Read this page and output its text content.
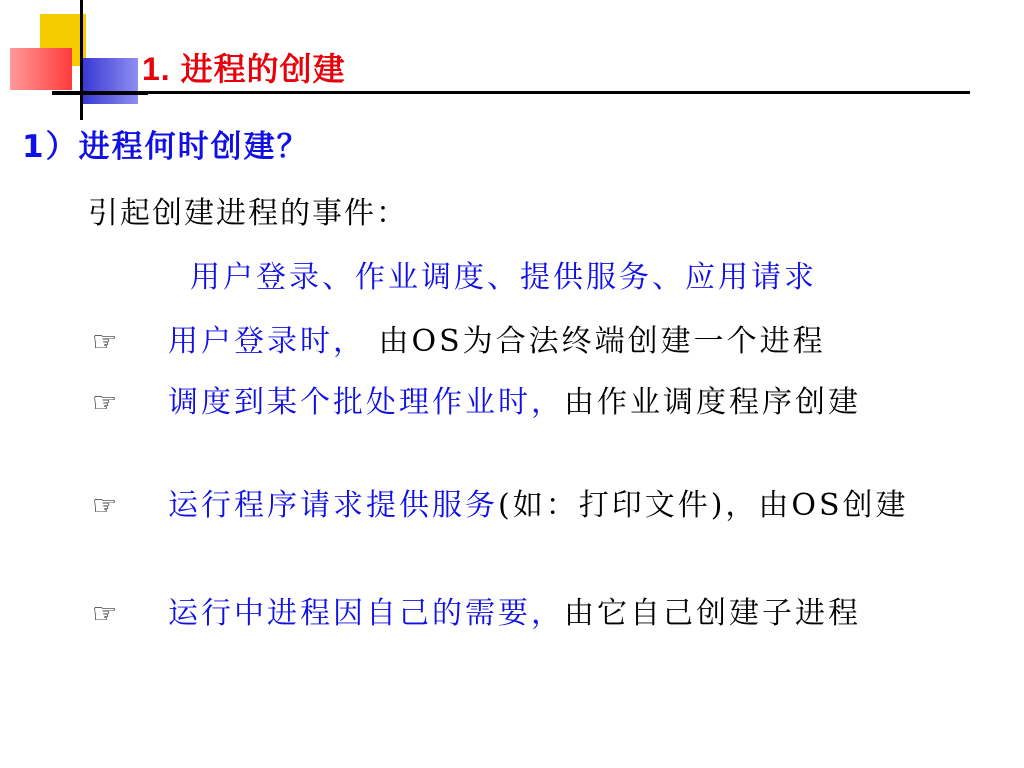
1. 进程的创建
1）进程何时创建？
引起创建进程的事件：
用户登录、作业调度、提供服务、应用请求
☞	用户登录时， 由OS为合法终端创建一个进程
☞	调度到某个批处理作业时，由作业调度程序创建
☞	运行程序请求提供服务(如：打印文件)，由OS创建
☞	运行中进程因自己的需要，由它自己创建子进程
